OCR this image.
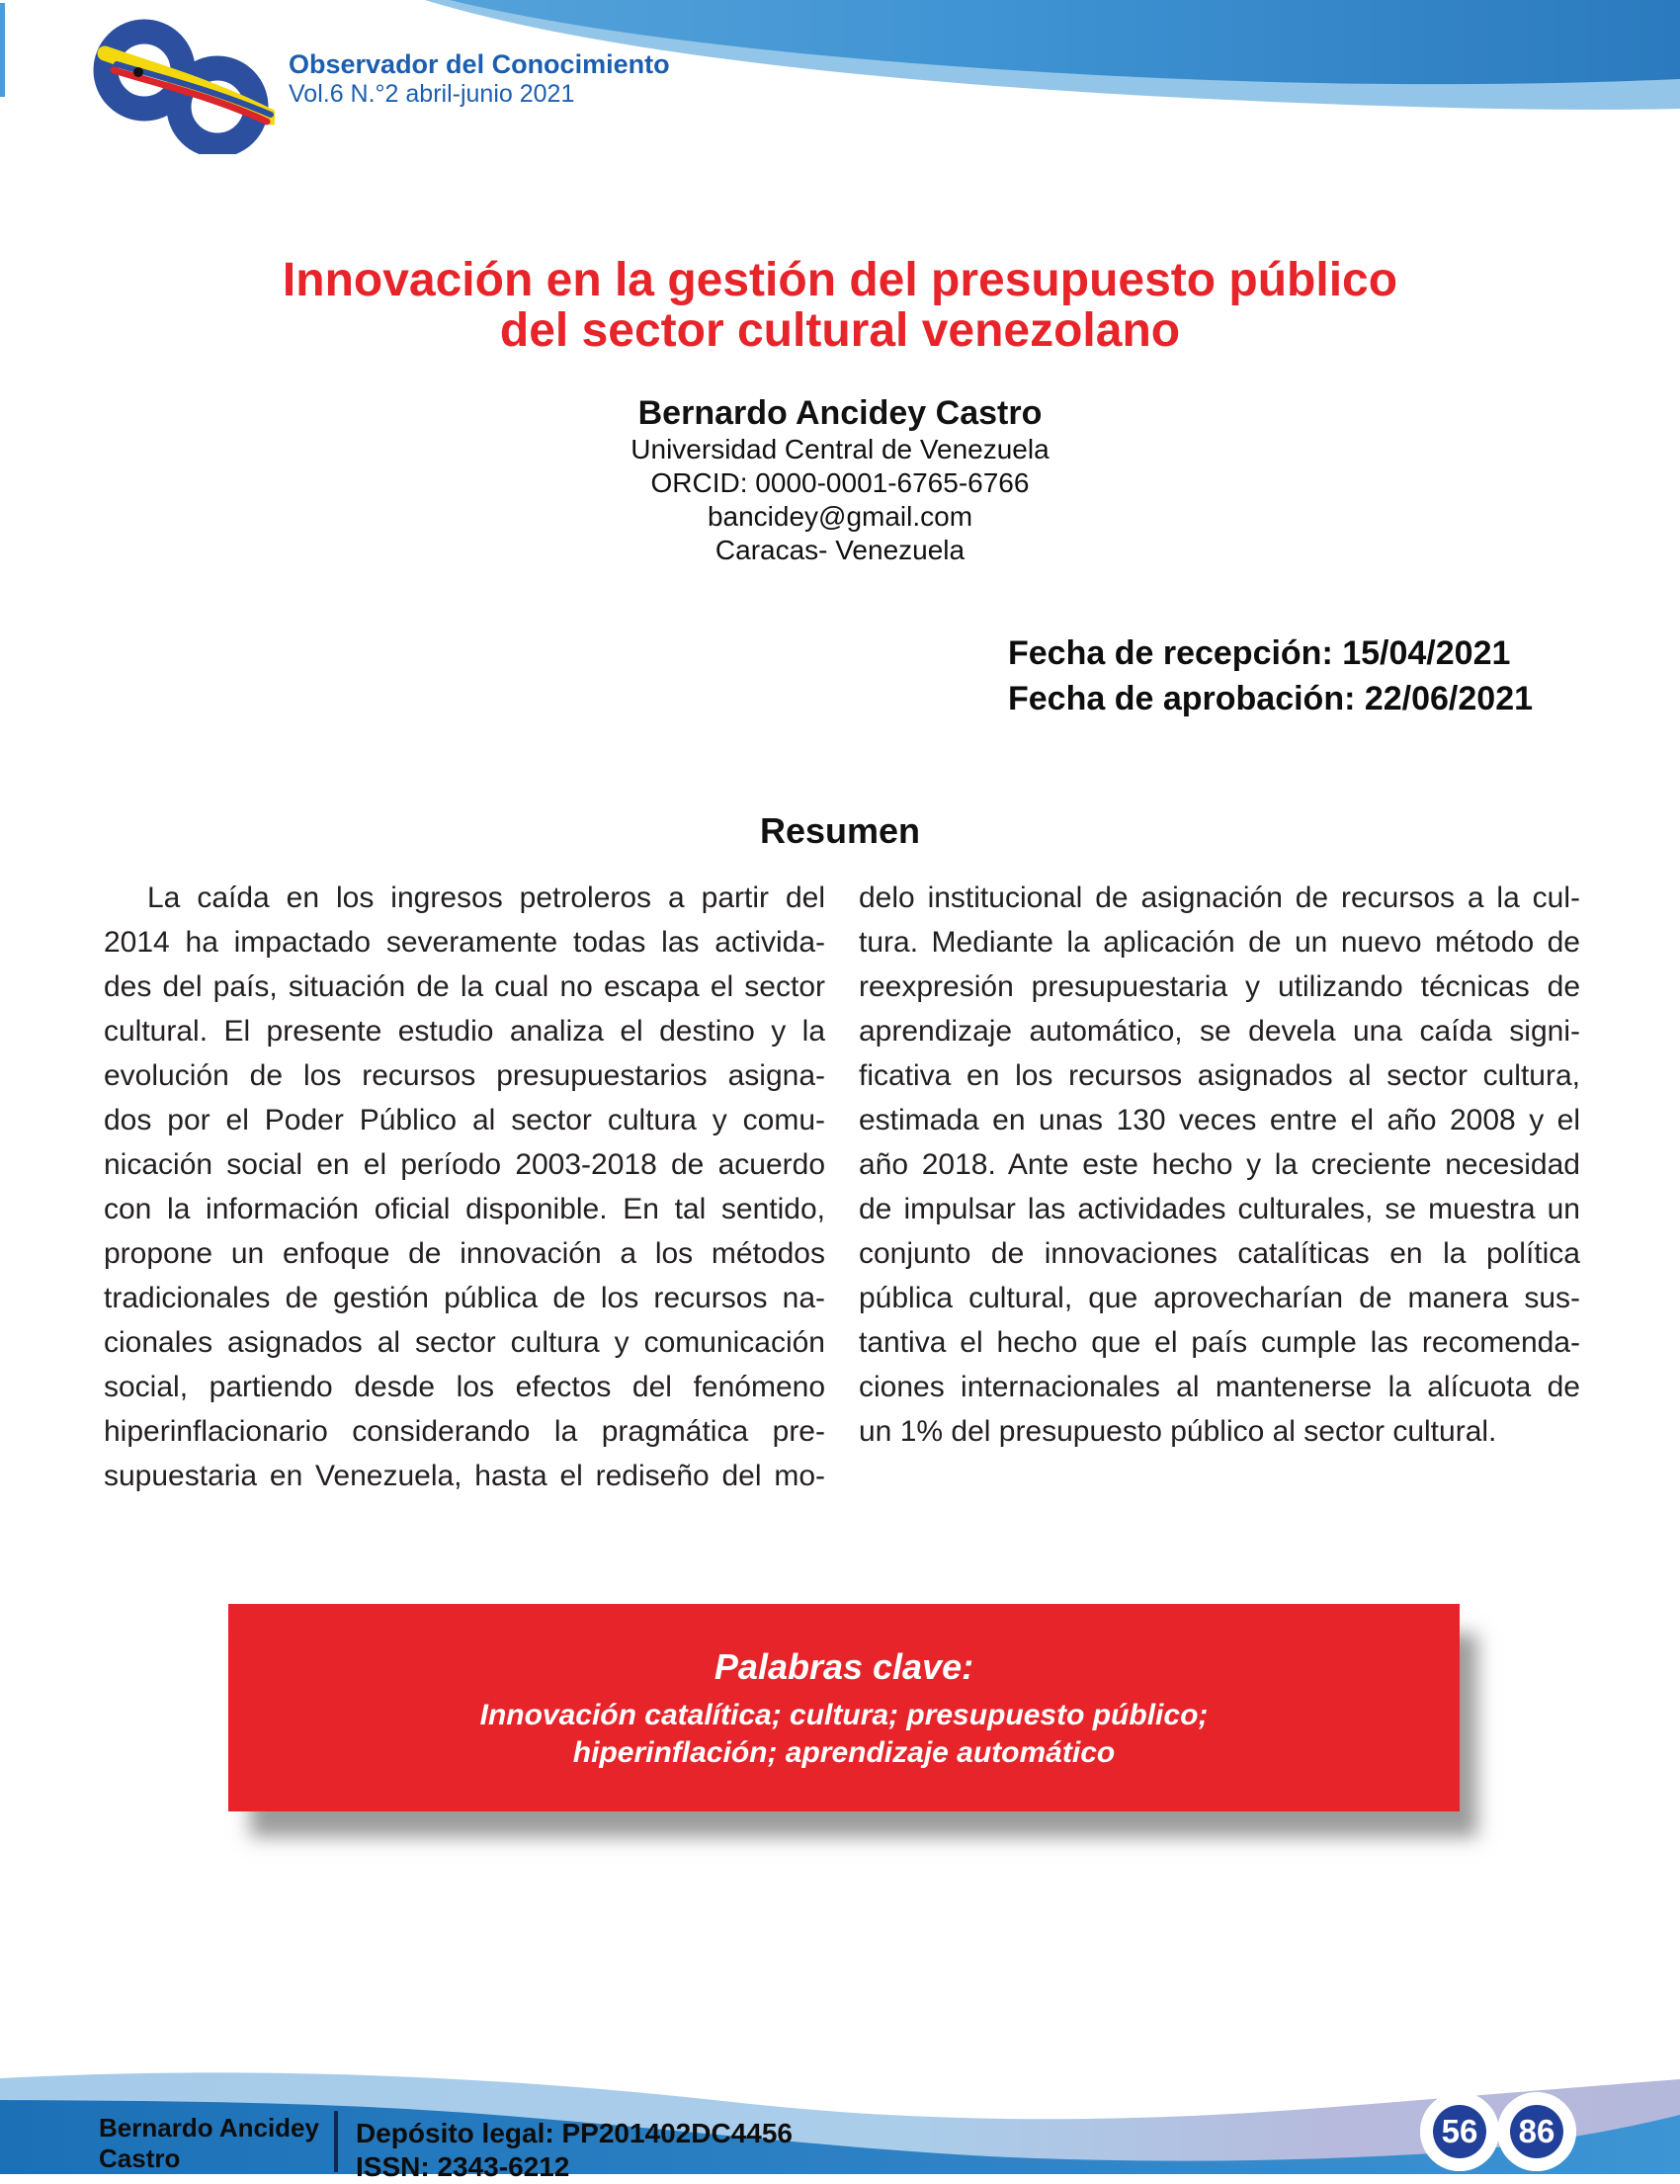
Observador del Conocimiento
Vol.6 N.°2 abril-junio 2021
Innovación en la gestión del presupuesto público
del sector cultural venezolano
Bernardo Ancidey Castro
Universidad Central de Venezuela
ORCID: 0000-0001-6765-6766
bancidey@gmail.com
Caracas- Venezuela
Fecha de recepción: 15/04/2021
Fecha de aprobación: 22/06/2021
Resumen
La caída en los ingresos petroleros a partir del
2014 ha impactado severamente todas las activida-
des del país, situación de la cual no escapa el sector
cultural. El presente estudio analiza el destino y la
evolución de los recursos presupuestarios asigna-
dos por el Poder Público al sector cultura y comu-
nicación social en el período 2003-2018 de acuerdo
con la información oficial disponible. En tal sentido,
propone un enfoque de innovación a los métodos
tradicionales de gestión pública de los recursos na-
cionales asignados al sector cultura y comunicación
social, partiendo desde los efectos del fenómeno
hiperinflacionario considerando la pragmática pre-
supuestaria en Venezuela, hasta el rediseño del mo-
delo institucional de asignación de recursos a la cul-
tura. Mediante la aplicación de un nuevo método de
reexpresión presupuestaria y utilizando técnicas de
aprendizaje automático, se devela una caída signi-
ficativa en los recursos asignados al sector cultura,
estimada en unas 130 veces entre el año 2008 y el
año 2018. Ante este hecho y la creciente necesidad
de impulsar las actividades culturales, se muestra un
conjunto de innovaciones catalíticas en la política
pública cultural, que aprovecharían de manera sus-
tantiva el hecho que el país cumple las recomenda-
ciones internacionales al mantenerse la alícuota de
un 1% del presupuesto público al sector cultural.
Palabras clave:
Innovación catalítica; cultura; presupuesto público;
hiperinflación; aprendizaje automático
Bernardo Ancidey
Castro
Depósito legal: PP201402DC4456
ISSN: 2343-6212
56 86
